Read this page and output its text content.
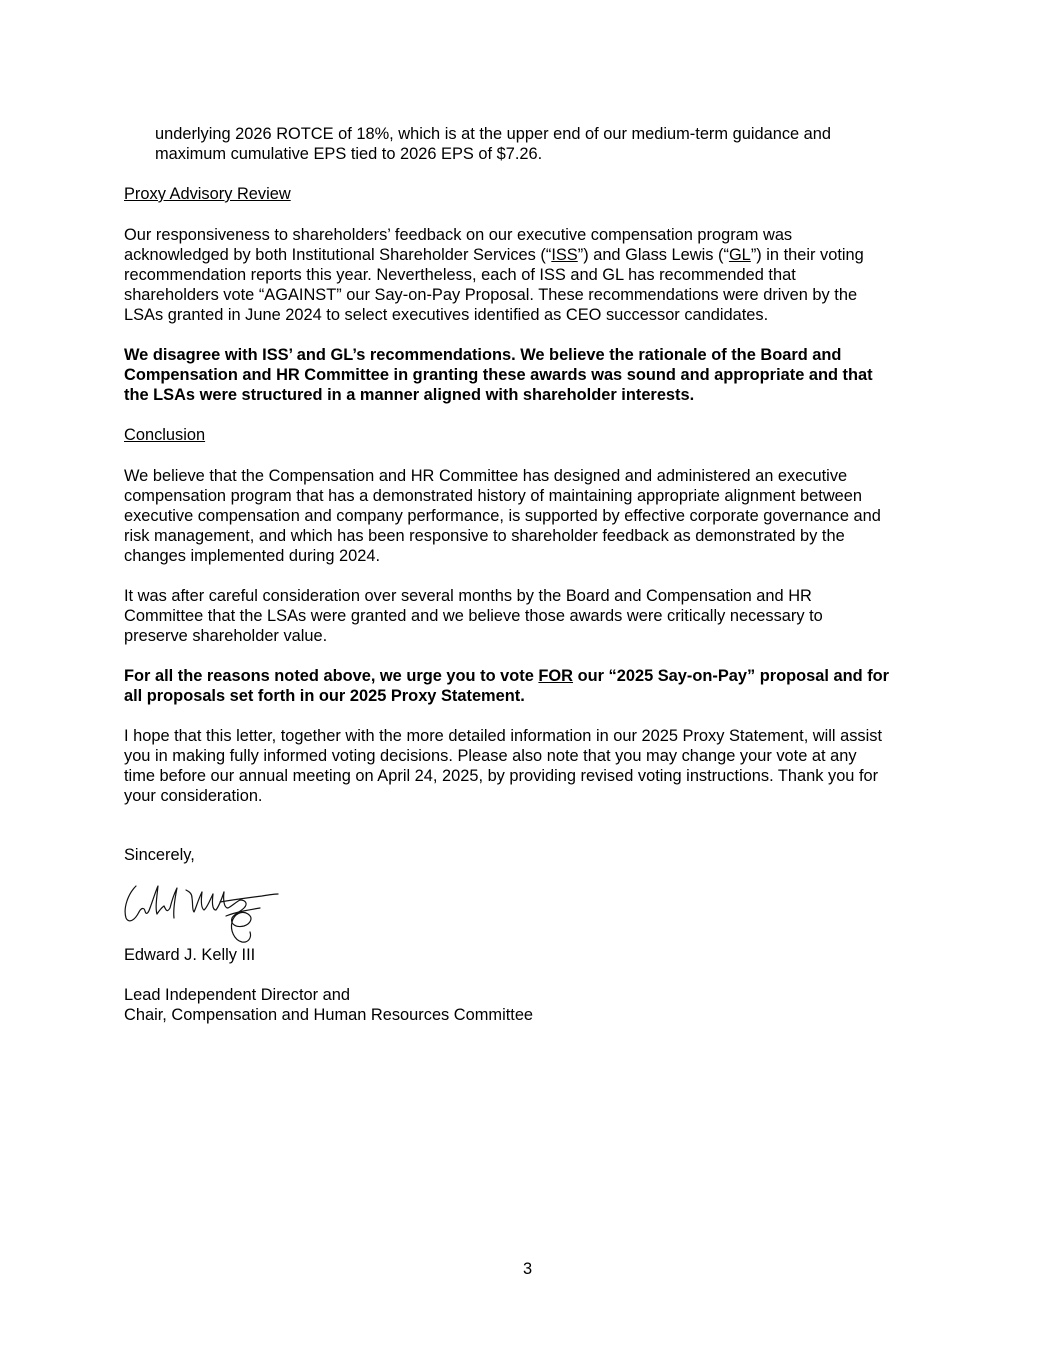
underlying 2026 ROTCE of 18%, which is at the upper end of our medium-term guidance and
maximum cumulative EPS tied to 2026 EPS of $7.26.

Proxy Advisory Review

Our responsiveness to shareholders’ feedback on our executive compensation program was
acknowledged by both Institutional Shareholder Services (“ISS”) and Glass Lewis (“GL”) in their voting
recommendation reports this year. Nevertheless, each of ISS and GL has recommended that
shareholders vote “AGAINST” our Say-on-Pay Proposal. These recommendations were driven by the
LSAs granted in June 2024 to select executives identified as CEO successor candidates.

We disagree with ISS’ and GL’s recommendations. We believe the rationale of the Board and
Compensation and HR Committee in granting these awards was sound and appropriate and that
the LSAs were structured in a manner aligned with shareholder interests.

Conclusion

We believe that the Compensation and HR Committee has designed and administered an executive
compensation program that has a demonstrated history of maintaining appropriate alignment between
executive compensation and company performance, is supported by effective corporate governance and
risk management, and which has been responsive to shareholder feedback as demonstrated by the
changes implemented during 2024.

It was after careful consideration over several months by the Board and Compensation and HR
Committee that the LSAs were granted and we believe those awards were critically necessary to
preserve shareholder value.

For all the reasons noted above, we urge you to vote FOR our “2025 Say-on-Pay” proposal and for
all proposals set forth in our 2025 Proxy Statement.

I hope that this letter, together with the more detailed information in our 2025 Proxy Statement, will assist
you in making fully informed voting decisions. Please also note that you may change your vote at any
time before our annual meeting on April 24, 2025, by providing revised voting instructions. Thank you for
your consideration.

Sincerely,

Edward J. Kelly III

Lead Independent Director and
Chair, Compensation and Human Resources Committee

3
